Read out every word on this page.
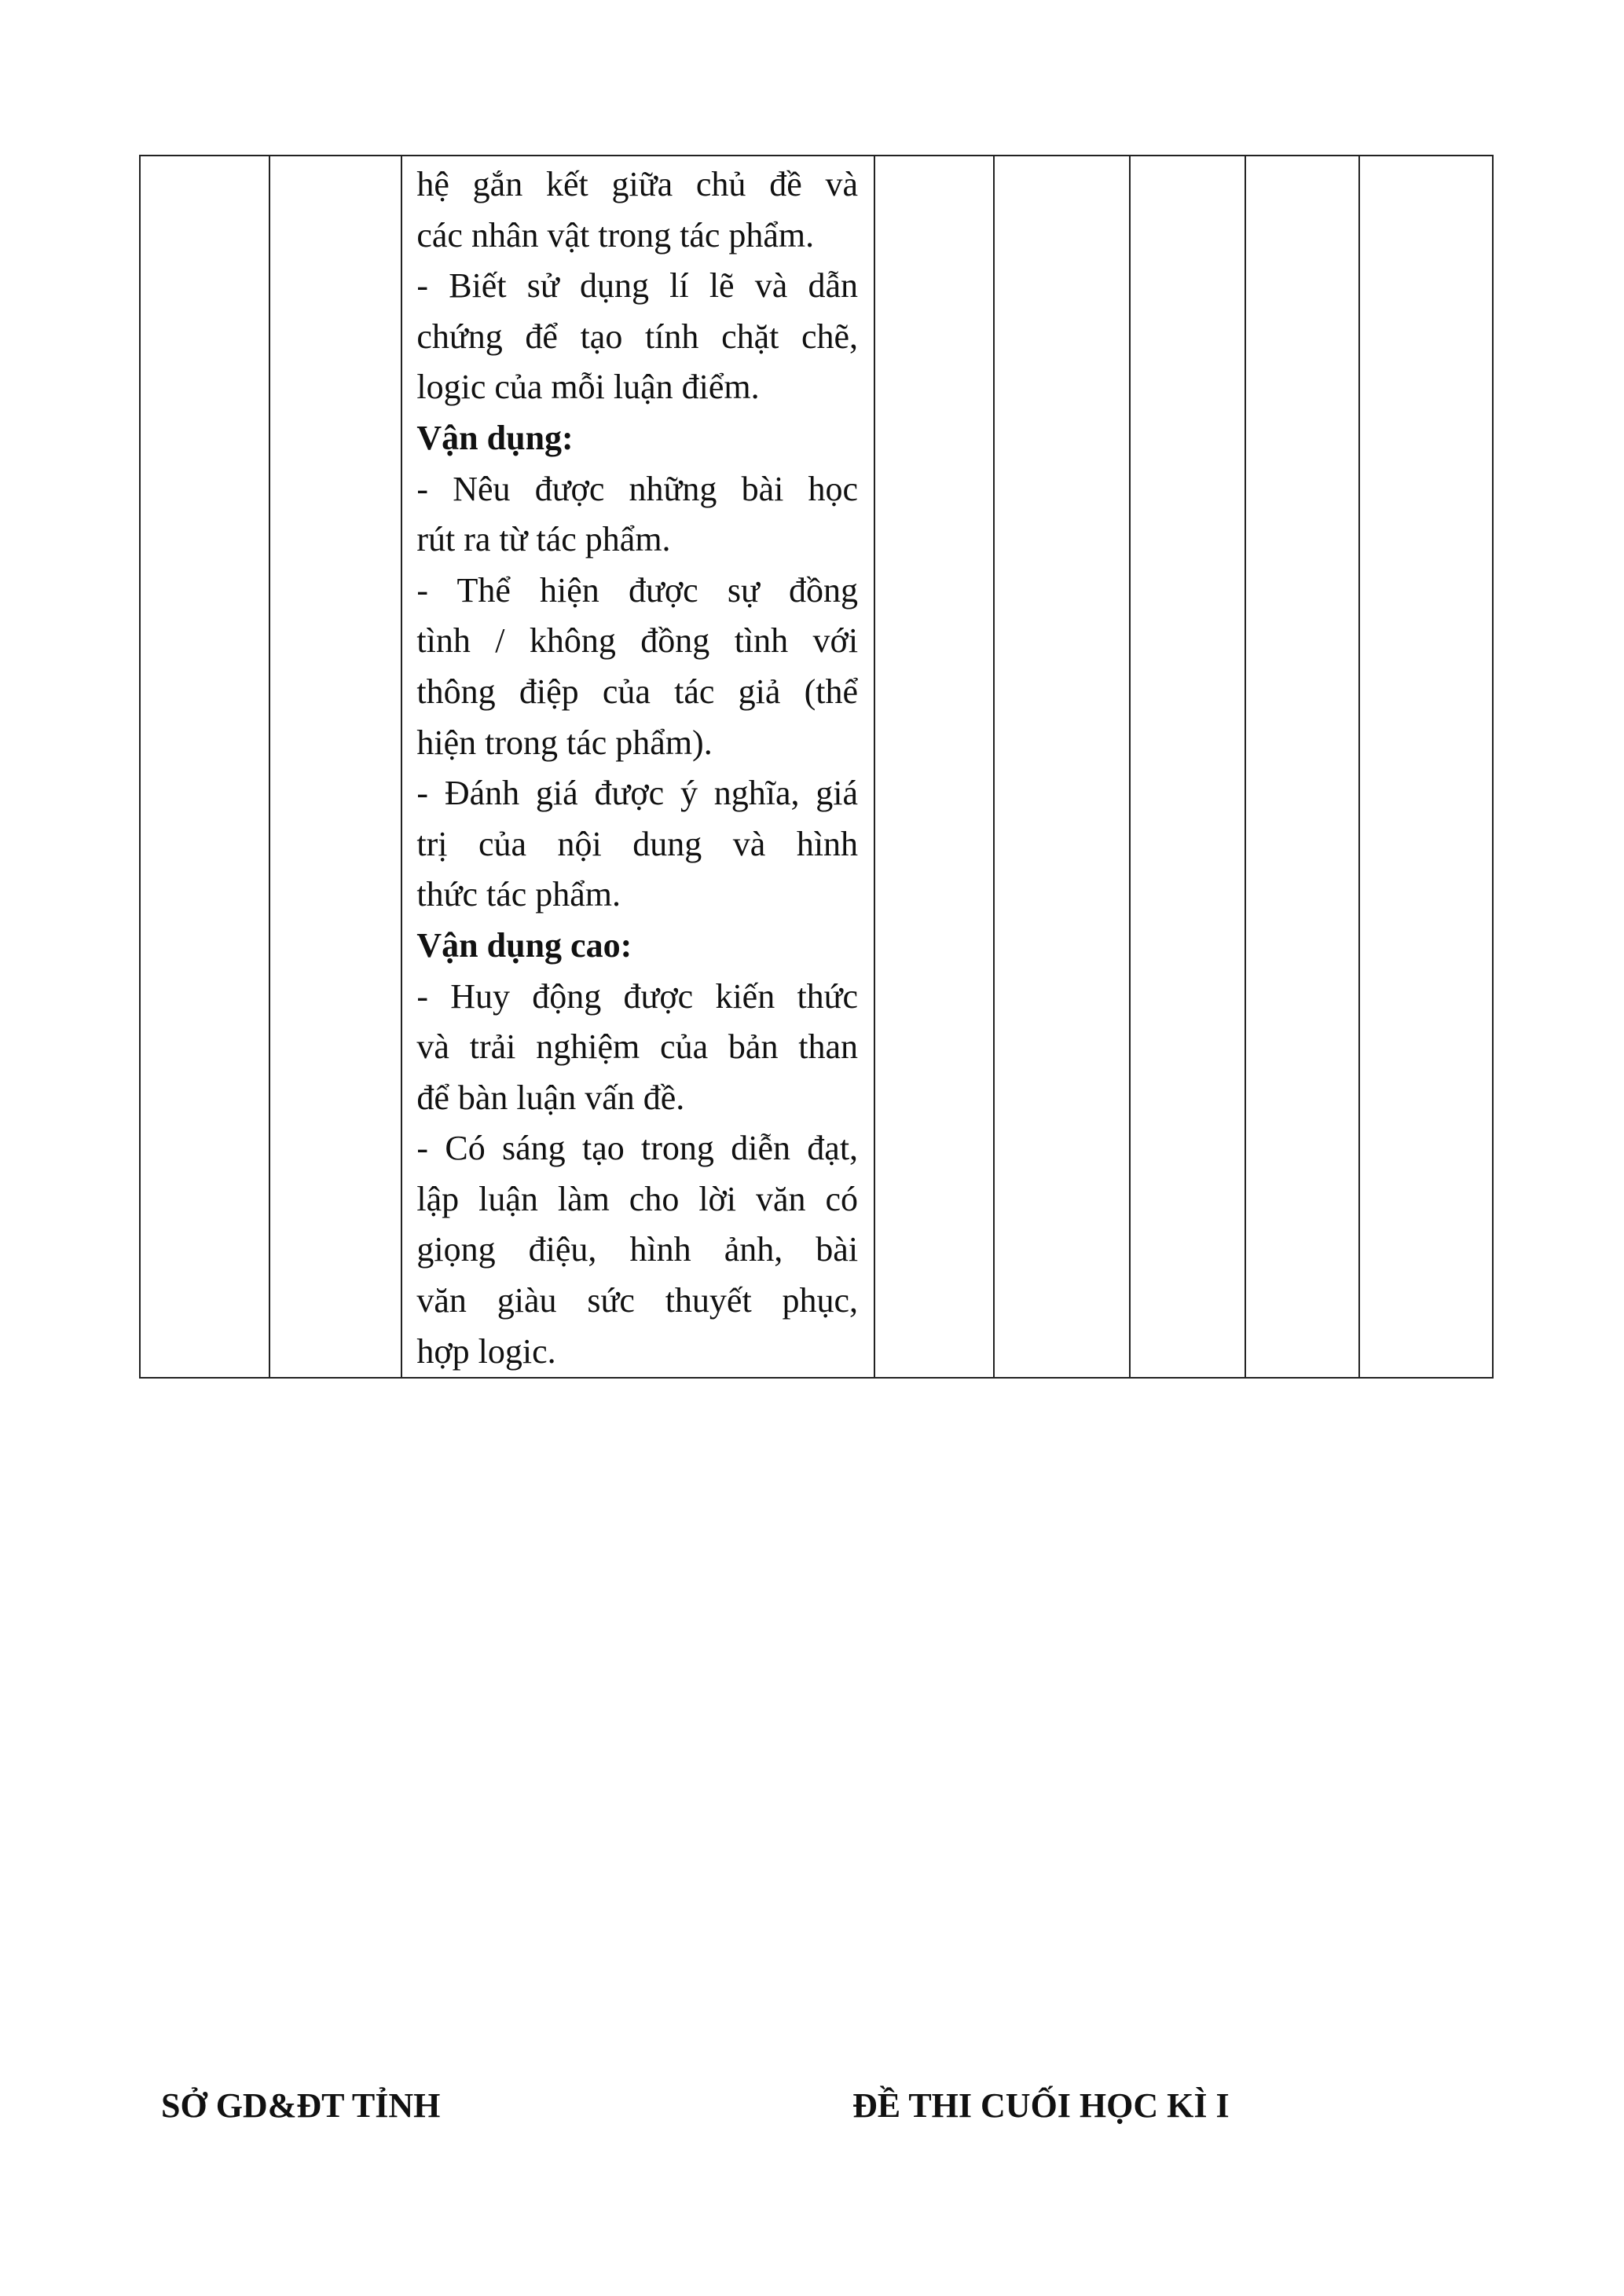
hệ gắn kết giữa chủ đề và
các nhân vật trong tác phẩm.
- Biết sử dụng lí lẽ và dẫn
chứng để tạo tính chặt chẽ,
logic của mỗi luận điểm.
Vận dụng:
- Nêu được những bài học
rút ra từ tác phẩm.
- Thể hiện được sự đồng
tình / không đồng tình với
thông điệp của tác giả (thể
hiện trong tác phẩm).
- Đánh giá được ý nghĩa, giá
trị của nội dung và hình
thức tác phẩm.
Vận dụng cao:
- Huy động được kiến thức
và trải nghiệm của bản than
để bàn luận vấn đề.
- Có sáng tạo trong diễn đạt,
lập luận làm cho lời văn có
giọng điệu, hình ảnh, bài
văn giàu sức thuyết phục,
hợp logic.

SỞ GD&ĐT TỈNH	ĐỀ THI CUỐI HỌC KÌ I
